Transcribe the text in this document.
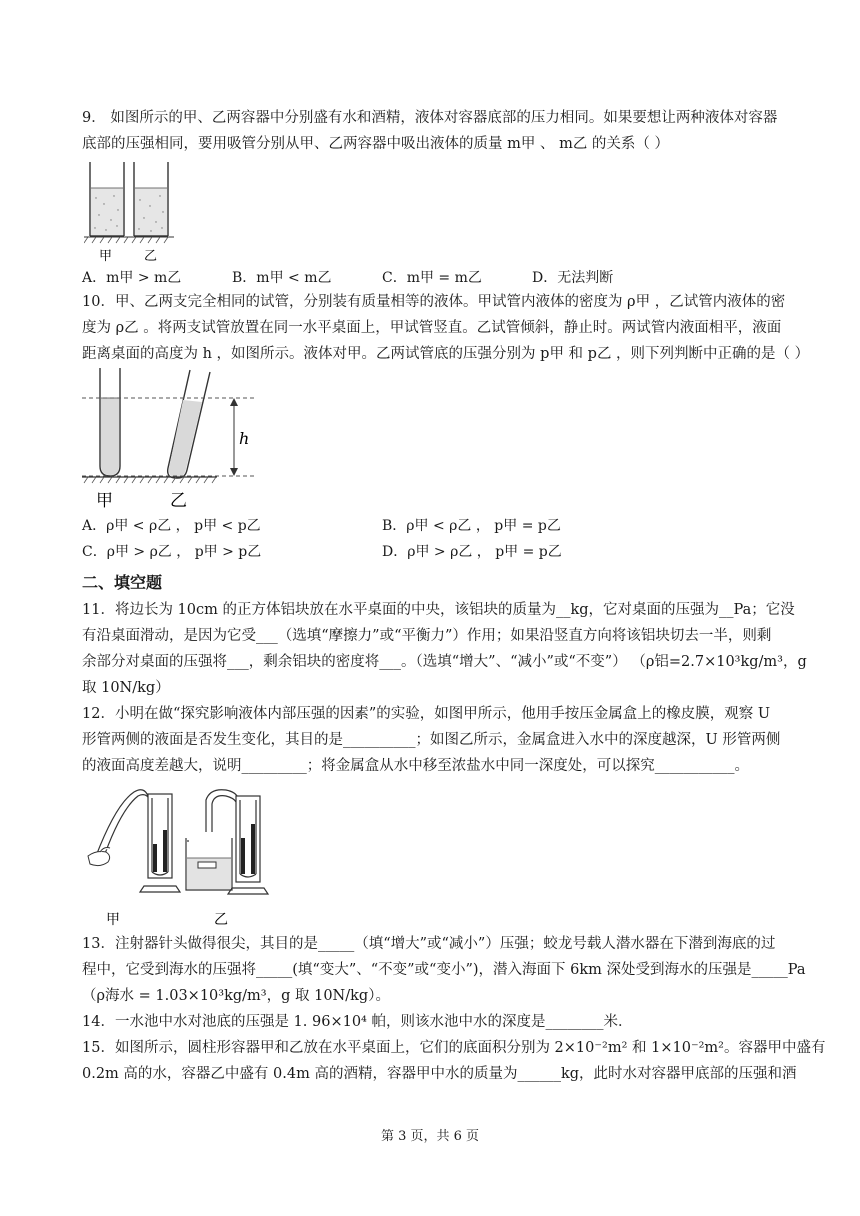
9． 如图所示的甲、乙两容器中分别盛有水和酒精，液体对容器底部的压力相同。如果要想让两种液体对容器
底部的压强相同，要用吸管分别从甲、乙两容器中吸出液体的质量 m甲 、 m乙 的关系（ ）
甲 乙
A．m甲 > m乙	B．m甲 < m乙	C．m甲 = m乙	D．无法判断
10．甲、乙两支完全相同的试管，分别装有质量相等的液体。甲试管内液体的密度为 ρ甲 ，乙试管内液体的密
度为 ρ乙 。将两支试管放置在同一水平桌面上，甲试管竖直。乙试管倾斜，静止时。两试管内液面相平，液面
距离桌面的高度为 h ，如图所示。液体对甲。乙两试管底的压强分别为 p甲 和 p乙 ，则下列判断中正确的是（ ）
h
甲	乙
A．ρ甲 < ρ乙 ， p甲 < p乙	B．ρ甲 < ρ乙 ， p甲 = p乙
C．ρ甲 > ρ乙 ， p甲 > p乙	D．ρ甲 > ρ乙 ， p甲 = p乙
二、填空题
11．将边长为 10cm 的正方体铝块放在水平桌面的中央，该铝块的质量为__kg，它对桌面的压强为__Pa；它没
有沿桌面滑动，是因为它受___（选填“摩擦力”或“平衡力”）作用；如果沿竖直方向将该铝块切去一半，则剩
余部分对桌面的压强将___，剩余铝块的密度将___。（选填“增大”、“减小”或“不变”） （ρ铝=2.7×10³kg/m³，g
取 10N/kg）
12．小明在做“探究影响液体内部压强的因素”的实验，如图甲所示，他用手按压金属盒上的橡皮膜，观察 U
形管两侧的液面是否发生变化，其目的是__________；如图乙所示，金属盒进入水中的深度越深，U 形管两侧
的液面高度差越大，说明_________；将金属盒从水中移至浓盐水中同一深度处，可以探究___________。
甲	乙
13．注射器针头做得很尖，其目的是_____（填“增大”或“减小”）压强；蛟龙号载人潜水器在下潜到海底的过
程中，它受到海水的压强将_____(填“变大”、“不变”或“变小”)，潜入海面下 6km 深处受到海水的压强是_____Pa
（ρ海水 = 1.03×10³kg/m³，g 取 10N/kg）。
14．一水池中水对池底的压强是 1. 96×10⁴ 帕，则该水池中水的深度是________米．
15．如图所示，圆柱形容器甲和乙放在水平桌面上，它们的底面积分别为 2×10⁻²m² 和 1×10⁻²m²。容器甲中盛有
0.2m 高的水，容器乙中盛有 0.4m 高的酒精，容器甲中水的质量为______kg，此时水对容器甲底部的压强和酒
第 3 页，共 6 页
